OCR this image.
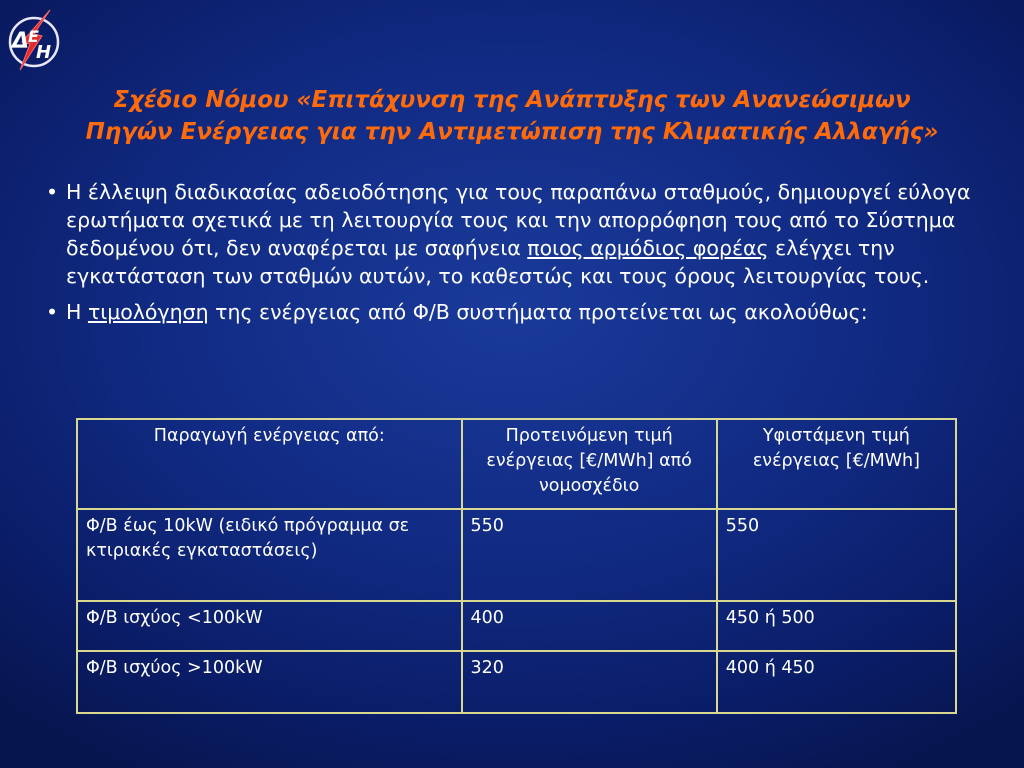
Δ
Ε
Η
Σχέδιο Νόμου «Επιτάχυνση της Ανάπτυξης των Ανανεώσιμων
Πηγών Ενέργειας για την Αντιμετώπιση της Κλιματικής Αλλαγής»
• Η έλλειψη διαδικασίας αδειοδότησης για τους παραπάνω σταθμούς, δημιουργεί εύλογα ερωτήματα σχετικά με τη λειτουργία τους και την απορρόφηση τους από το Σύστημα δεδομένου ότι, δεν αναφέρεται με σαφήνεια ποιος αρμόδιος φορέας ελέγχει την εγκατάσταση των σταθμών αυτών, το καθεστώς και τους όρους λειτουργίας τους.
• Η τιμολόγηση της ενέργειας από Φ/Β συστήματα προτείνεται ως ακολούθως:
Παραγωγή ενέργειας από:	Προτεινόμενη τιμή ενέργειας [€/MWh] από νομοσχέδιο	Υφιστάμενη τιμή ενέργειας [€/MWh]
Φ/Β έως 10kW (ειδικό πρόγραμμα σε κτιριακές εγκαταστάσεις)	550	550
Φ/Β ισχύος <100kW	400	450 ή 500
Φ/Β ισχύος >100kW	320	400 ή 450
